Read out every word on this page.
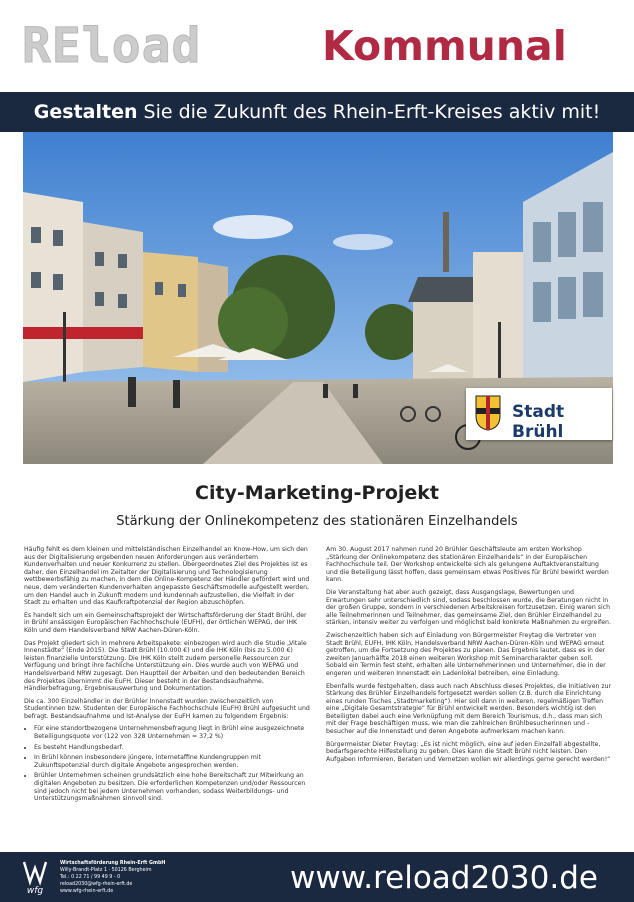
REload	Kommunal
Gestalten Sie die Zukunft des Rhein-Erft-Kreises aktiv mit!
Stadt Brühl
City-Marketing-Projekt
Stärkung der Onlinekompetenz des stationären Einzelhandels

Häufig fehlt es dem kleinen und mittelständischen Einzelhandel an Know-How, um sich den aus der Digitalisierung ergebenden neuen Anforderungen aus verändertem Kundenverhalten und neuer Konkurrenz zu stellen. Übergeordnetes Ziel des Projektes ist es daher, den Einzelhandel im Zeitalter der Digitalisierung und Technologisierung wettbewerbsfähig zu machen, in dem die Online-Kompetenz der Händler gefördert wird und neue, dem veränderten Kundenverhalten angepasste Geschäftsmodelle aufgestellt werden, um den Handel auch in Zukunft modern und kundennah aufzustellen, die Vielfalt in der Stadt zu erhalten und das Kaufkraftpotenzial der Region abzuschöpfen.

Es handelt sich um ein Gemeinschaftsprojekt der Wirtschaftsförderung der Stadt Brühl, der in Brühl ansässigen Europäischen Fachhochschule (EUFH), der örtlichen WEPAG, der IHK Köln und dem Handelsverband NRW Aachen-Düren-Köln.

Das Projekt gliedert sich in mehrere Arbeitspakete: einbezogen wird auch die Studie „Vitale Innenstädte“ (Ende 2015). Die Stadt Brühl (10.000 €) und die IHK Köln (bis zu 5.000 €) leisten finanzielle Unterstützung. Die IHK Köln stellt zudem personelle Ressourcen zur Verfügung und bringt ihre fachliche Unterstützung ein. Dies wurde auch von WEPAG und Handelsverband NRW zugesagt. Den Hauptteil der Arbeiten und den bedeutenden Bereich des Projektes übernimmt die EuFH. Dieser besteht in der Bestandsaufnahme, Händlerbefragung, Ergebnisauswertung und Dokumentation.

Die ca. 300 Einzelhändler in der Brühler Innenstadt wurden zwischenzeitlich von Studentinnen bzw. Studenten der Europäische Fachhochschule (EuFH) Brühl aufgesucht und befragt. Bestandsaufnahme und Ist-Analyse der EuFH kamen zu folgendem Ergebnis:

• Für eine standortbezogene Unternehmensbefragung liegt in Brühl eine ausgezeichnete Beteiligungsquote vor (122 von 328 Unternehmen = 37,2 %)
• Es besteht Handlungsbedarf.
• In Brühl können insbesondere jüngere, internetaffine Kundengruppen mit Zukunftspotenzial durch digitale Angebote angesprochen werden.
• Brühler Unternehmen scheinen grundsätzlich eine hohe Bereitschaft zur Mitwirkung an digitalen Angeboten zu besitzen. Die erforderlichen Kompetenzen und/oder Ressourcen sind jedoch nicht bei jedem Unternehmen vorhanden, sodass Weiterbildungs- und Unterstützungsmaßnahmen sinnvoll sind.

Am 30. August 2017 nahmen rund 20 Brühler Geschäftsleute am ersten Workshop „Stärkung der Onlinekompetenz des stationären Einzelhandels“ in der Europäischen Fachhochschule teil. Der Workshop entwickelte sich als gelungene Auftaktveranstaltung und die Beteiligung lässt hoffen, dass gemeinsam etwas Positives für Brühl bewirkt werden kann.

Die Veranstaltung hat aber auch gezeigt, dass Ausgangslage, Bewertungen und Erwartungen sehr unterschiedlich sind, sodass beschlossen wurde, die Beratungen nicht in der großen Gruppe, sondern in verschiedenen Arbeitskreisen fortzusetzen. Einig waren sich alle Teilnehmerinnen und Teilnehmer, das gemeinsame Ziel, den Brühler Einzelhandel zu stärken, intensiv weiter zu verfolgen und möglichst bald konkrete Maßnahmen zu ergreifen.

Zwischenzeitlich haben sich auf Einladung von Bürgermeister Freytag die Vertreter von Stadt Brühl, EUFH, IHK Köln, Handelsverband NRW Aachen-Düren-Köln und WEPAG erneut getroffen, um die Fortsetzung des Projektes zu planen. Das Ergebnis lautet, dass es in der zweiten Januarhälfte 2018 einen weiteren Workshop mit Seminarcharakter geben soll. Sobald ein Termin fest steht, erhalten alle Unternehmerinnen und Unternehmer, die in der engeren und weiteren Innenstadt ein Ladenlokal betreiben, eine Einladung.

Ebenfalls wurde festgehalten, dass auch nach Abschluss dieses Projektes, die Initiativen zur Stärkung des Brühler Einzelhandels fortgesetzt werden sollen (z.B. durch die Einrichtung eines runden Tisches „Stadtmarketing“). Hier soll dann in weiteren, regelmäßigen Treffen eine „Digitale Gesamtstrategie“ für Brühl entwickelt werden. Besonders wichtig ist den Beteiligten dabei auch eine Verknüpfung mit dem Bereich Tourismus, d.h., dass man sich mit der Frage beschäftigen muss, wie man die zahlreichen Brühlbesucherinnen und -besucher auf die Innenstadt und deren Angebote aufmerksam machen kann.

Bürgermeister Dieter Freytag: „Es ist nicht möglich, eine auf jeden Einzelfall abgestellte, bedarfsgerechte Hilfestellung zu geben. Dies kann die Stadt Brühl nicht leisten. Den Aufgaben Informieren, Beraten und Vernetzen wollen wir allerdings gerne gerecht werden!“

wfg
Wirtschaftsförderung Rhein-Erft GmbH
Willy-Brandt-Platz 1 · 50126 Bergheim
Tel.: 0 22 71 / 99 49 9 - 0
reload2030@wfg-rhein-erft.de
www.wfg-rhein-erft.de	www.reload2030.de
